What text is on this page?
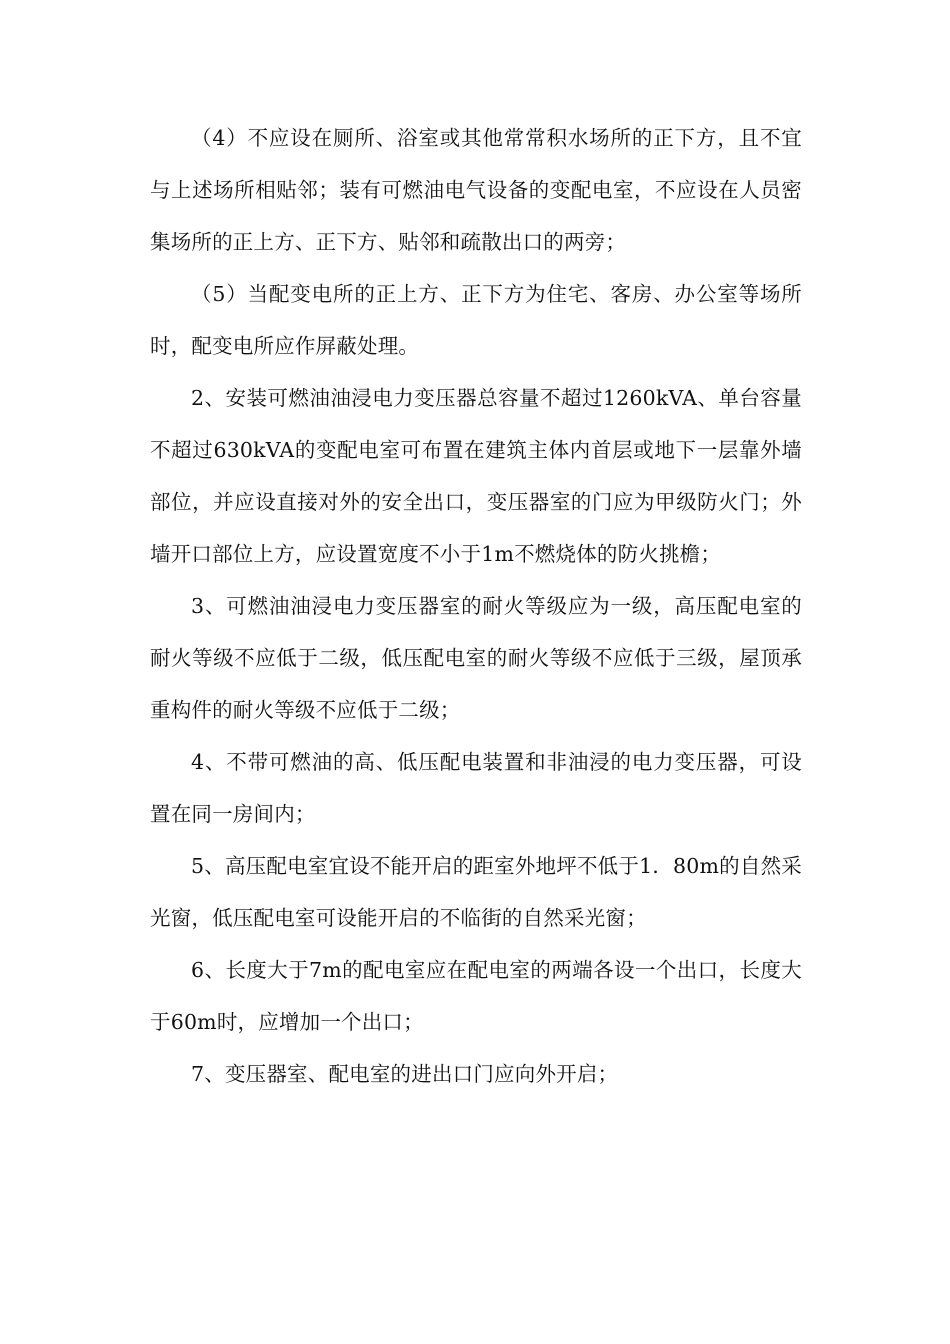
（4）不应设在厕所、浴室或其他常常积水场所的正下方，且不宜与上述场所相贴邻；装有可燃油电气设备的变配电室，不应设在人员密集场所的正上方、正下方、贴邻和疏散出口的两旁；

（5）当配变电所的正上方、正下方为住宅、客房、办公室等场所时，配变电所应作屏蔽处理。

2、安装可燃油油浸电力变压器总容量不超过1260kVA、单台容量不超过630kVA的变配电室可布置在建筑主体内首层或地下一层靠外墙部位，并应设直接对外的安全出口，变压器室的门应为甲级防火门；外墙开口部位上方，应设置宽度不小于1m不燃烧体的防火挑檐；

3、可燃油油浸电力变压器室的耐火等级应为一级，高压配电室的耐火等级不应低于二级，低压配电室的耐火等级不应低于三级，屋顶承重构件的耐火等级不应低于二级；

4、不带可燃油的高、低压配电装置和非油浸的电力变压器，可设置在同一房间内；

5、高压配电室宜设不能开启的距室外地坪不低于1．80m的自然采光窗，低压配电室可设能开启的不临街的自然采光窗；

6、长度大于7m的配电室应在配电室的两端各设一个出口，长度大于60m时，应增加一个出口；

7、变压器室、配电室的进出口门应向外开启；
